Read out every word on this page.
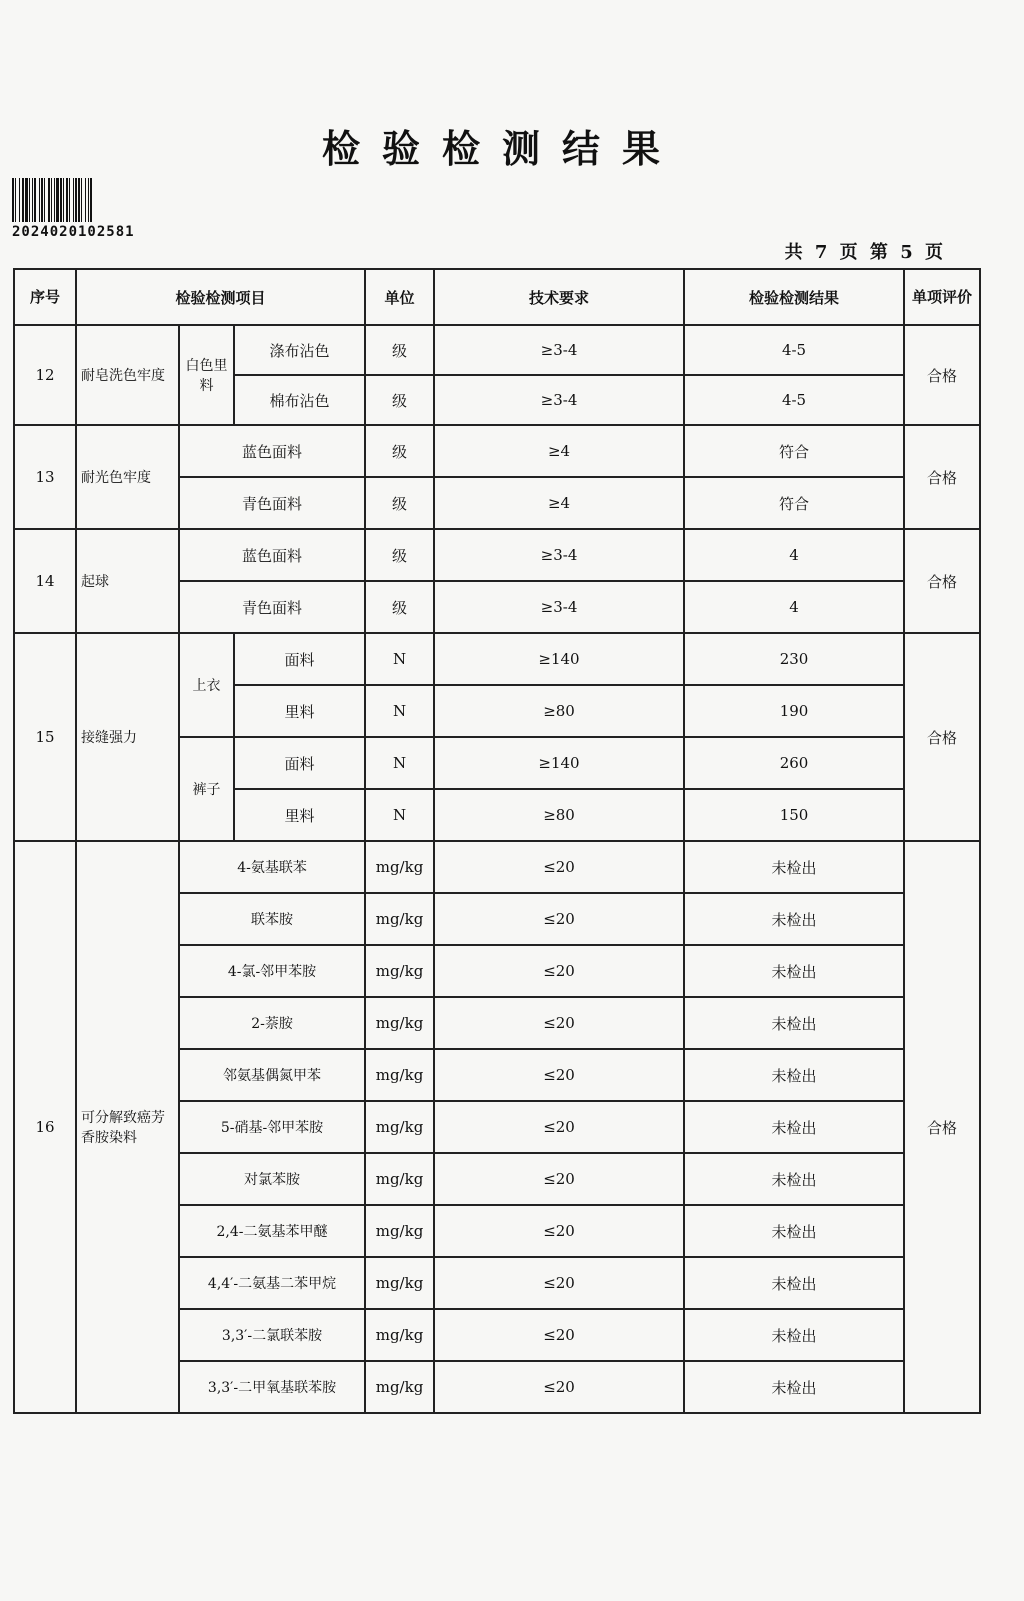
检验检测结果
2024020102581
共 7 页 第 5 页
序号	检验检测项目			单位	技术要求	检验检测结果	单项评价
12	耐皂洗色牢度	白色里料	涤布沾色	级	≥3-4	4-5	合格
			棉布沾色	级	≥3-4	4-5	
13	耐光色牢度	蓝色面料		级	≥4	符合	合格
		青色面料		级	≥4	符合	
14	起球	蓝色面料		级	≥3-4	4	合格
		青色面料		级	≥3-4	4	
15	接缝强力	上衣	面料	N	≥140	230	合格
			里料	N	≥80	190	
		裤子	面料	N	≥140	260	
			里料	N	≥80	150	
16	可分解致癌芳香胺染料	4-氨基联苯		mg/kg	≤20	未检出	合格
		联苯胺		mg/kg	≤20	未检出	
		4-氯-邻甲苯胺		mg/kg	≤20	未检出	
		2-萘胺		mg/kg	≤20	未检出	
		邻氨基偶氮甲苯		mg/kg	≤20	未检出	
		5-硝基-邻甲苯胺		mg/kg	≤20	未检出	
		对氯苯胺		mg/kg	≤20	未检出	
		2,4-二氨基苯甲醚		mg/kg	≤20	未检出	
		4,4′-二氨基二苯甲烷		mg/kg	≤20	未检出	
		3,3′-二氯联苯胺		mg/kg	≤20	未检出	
		3,3′-二甲氧基联苯胺		mg/kg	≤20	未检出	
